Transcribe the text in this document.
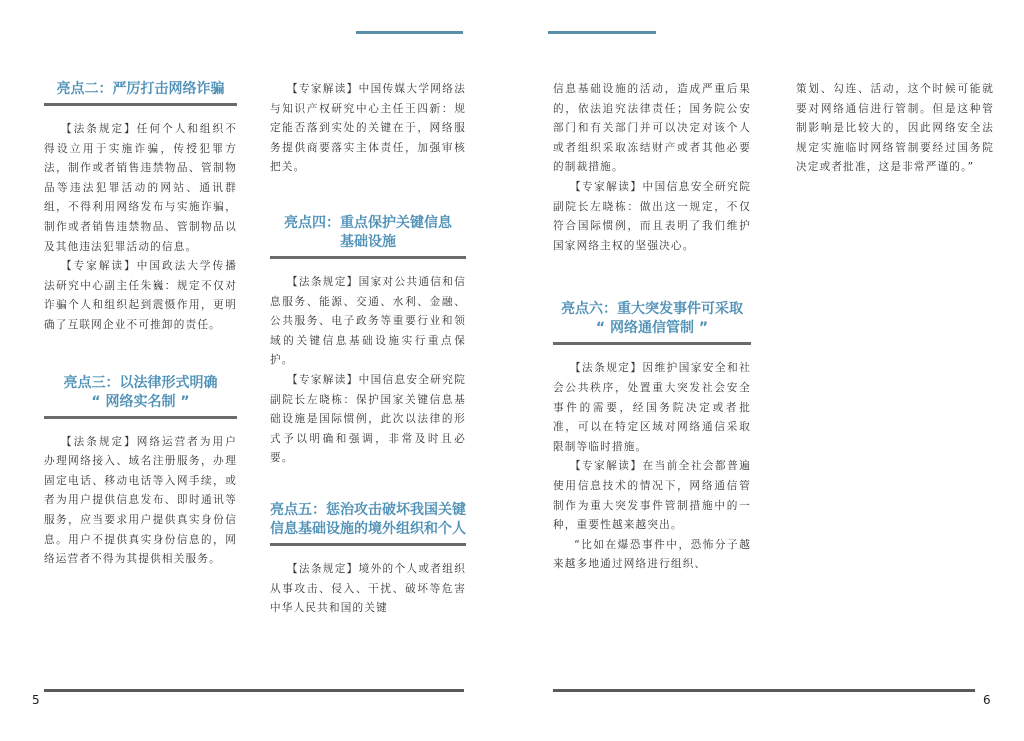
亮点二：严厉打击网络诈骗

【法条规定】任何个人和组织不得设立用于实施诈骗，传授犯罪方法，制作或者销售违禁物品、管制物品等违法犯罪活动的网站、通讯群组，不得利用网络发布与实施诈骗，制作或者销售违禁物品、管制物品以及其他违法犯罪活动的信息。

【专家解读】中国政法大学传播法研究中心副主任朱巍：规定不仅对诈骗个人和组织起到震慑作用，更明确了互联网企业不可推卸的责任。

亮点三：以法律形式明确
“ 网络实名制 ”

【法条规定】网络运营者为用户办理网络接入、域名注册服务，办理固定电话、移动电话等入网手续，或者为用户提供信息发布、即时通讯等服务，应当要求用户提供真实身份信息。用户不提供真实身份信息的，网络运营者不得为其提供相关服务。

【专家解读】中国传媒大学网络法与知识产权研究中心主任王四新：规定能否落到实处的关键在于，网络服务提供商要落实主体责任，加强审核把关。

亮点四：重点保护关键信息
基础设施

【法条规定】国家对公共通信和信息服务、能源、交通、水利、金融、公共服务、电子政务等重要行业和领域的关键信息基础设施实行重点保护。

【专家解读】中国信息安全研究院副院长左晓栋：保护国家关键信息基础设施是国际惯例，此次以法律的形式予以明确和强调，非常及时且必要。

亮点五：惩治攻击破坏我国关键
信息基础设施的境外组织和个人

【法条规定】境外的个人或者组织从事攻击、侵入、干扰、破坏等危害中华人民共和国的关键

信息基础设施的活动，造成严重后果的，依法追究法律责任；国务院公安部门和有关部门并可以决定对该个人或者组织采取冻结财产或者其他必要的制裁措施。

【专家解读】中国信息安全研究院副院长左晓栋：做出这一规定，不仅符合国际惯例，而且表明了我们维护国家网络主权的坚强决心。

亮点六：重大突发事件可采取
“ 网络通信管制 ”

【法条规定】因维护国家安全和社会公共秩序，处置重大突发社会安全事件的需要，经国务院决定或者批准，可以在特定区域对网络通信采取限制等临时措施。

【专家解读】在当前全社会都普遍使用信息技术的情况下，网络通信管制作为重大突发事件管制措施中的一种，重要性越来越突出。

“比如在爆恐事件中，恐怖分子越来越多地通过网络进行组织、

策划、勾连、活动，这个时候可能就要对网络通信进行管制。但是这种管制影响是比较大的，因此网络安全法规定实施临时网络管制要经过国务院决定或者批准，这是非常严谨的。”

5	6
